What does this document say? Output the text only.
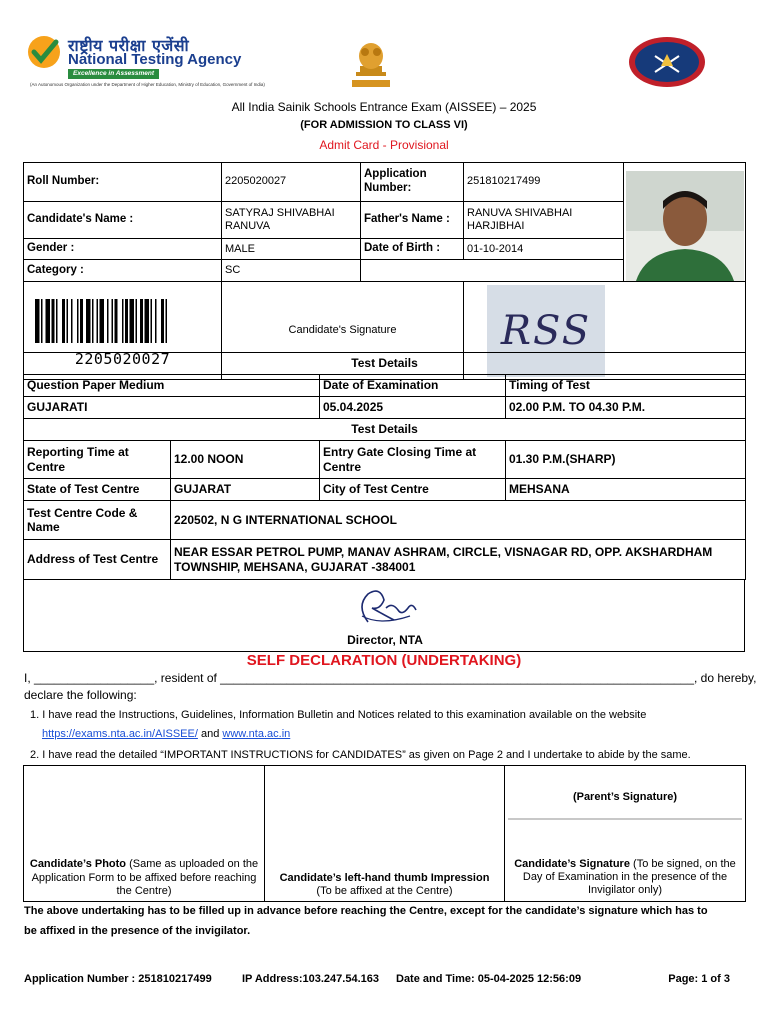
राष्ट्रीय परीक्षा एजेंसी
National Testing Agency
Excellence in Assessment
(An Autonomous Organization under the Department of Higher Education, Ministry of Education, Government of India)
All India Sainik Schools Entrance Exam (AISSEE) – 2025
(FOR ADMISSION TO CLASS VI)
Admit Card - Provisional
Roll Number:	2205020027	Application Number:	251810217499	

Candidate's Name :	SATYRAJ SHIVABHAI RANUVA	Father's Name :	RANUVA SHIVABHAI HARJIBHAI	
Gender :	MALE	Date of Birth :	01-10-2014	
Category :	SC			

2205020027	Candidate's Signature		RSS	
Test Details			
Question Paper Medium		Date of Examination	Timing of Test
GUJARATI		05.04.2025	02.00 P.M. TO 04.30 P.M.
Test Details			
Reporting Time at Centre	12.00 NOON	Entry Gate Closing Time at Centre	01.30 P.M.(SHARP)
State of Test Centre	GUJARAT	City of Test Centre	MEHSANA
Test Centre Code & Name	220502, N G INTERNATIONAL SCHOOL		
Address of Test Centre	NEAR ESSAR PETROL PUMP, MANAV ASHRAM, CIRCLE, VISNAGAR RD, OPP. AKSHARDHAM TOWNSHIP, MEHSANA, GUJARAT -384001		
Director, NTA
SELF DECLARATION (UNDERTAKING)
I, __________________, resident of _______________________________________________________________________, do hereby,
declare the following:
1. I have read the Instructions, Guidelines, Information Bulletin and Notices related to this examination available on the website
https://exams.nta.ac.in/AISSEE/ and www.nta.ac.in
2. I have read the detailed “IMPORTANT INSTRUCTIONS for CANDIDATES” as given on Page 2 and I undertake to abide by the same.
Candidate’s Photo (Same as uploaded on the Application Form to be affixed before reaching the Centre)	
Candidate’s left-hand thumb Impression
(To be affixed at the Centre)

(Parent’s Signature)
Candidate’s Signature (To be signed, on the Day of Examination in the presence of the Invigilator only)
The above undertaking has to be filled up in advance before reaching the Centre, except for the candidate’s signature which has to
be affixed in the presence of the invigilator.
Application Number : 251810217499	IP Address:103.247.54.163 Date and Time: 05-04-2025 12:56:09	Page: 1 of 3
